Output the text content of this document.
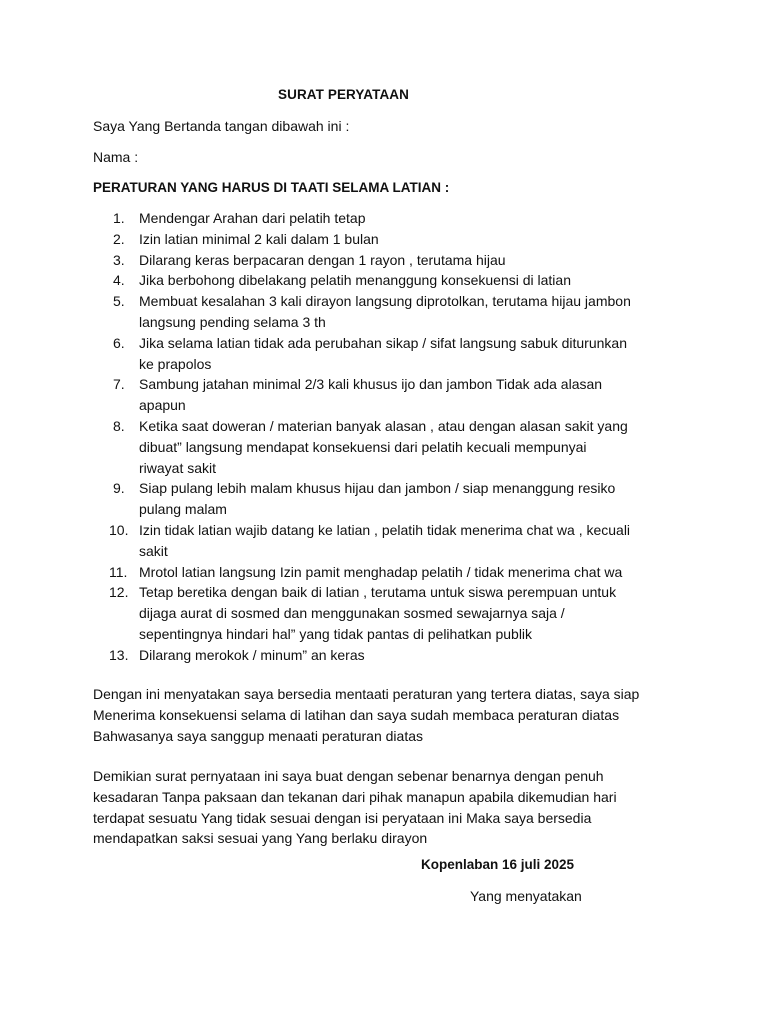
SURAT PERYATAAN
Saya Yang Bertanda tangan dibawah ini :
Nama :
PERATURAN YANG HARUS DI TAATI SELAMA LATIAN :
1. Mendengar Arahan dari pelatih tetap
2. Izin latian minimal 2 kali dalam 1 bulan
3. Dilarang keras berpacaran dengan 1 rayon , terutama hijau
4. Jika berbohong dibelakang pelatih menanggung konsekuensi di latian
5. Membuat kesalahan 3 kali dirayon langsung diprotolkan, terutama hijau jambon
langsung pending selama 3 th
6. Jika selama latian tidak ada perubahan sikap / sifat langsung sabuk diturunkan
ke prapolos
7. Sambung jatahan minimal 2/3 kali khusus ijo dan jambon Tidak ada alasan
apapun
8. Ketika saat doweran / materian banyak alasan , atau dengan alasan sakit yang
dibuat” langsung mendapat konsekuensi dari pelatih kecuali mempunyai
riwayat sakit
9. Siap pulang lebih malam khusus hijau dan jambon / siap menanggung resiko
pulang malam
10. Izin tidak latian wajib datang ke latian , pelatih tidak menerima chat wa , kecuali
sakit
11. Mrotol latian langsung Izin pamit menghadap pelatih / tidak menerima chat wa
12. Tetap beretika dengan baik di latian , terutama untuk siswa perempuan untuk
dijaga aurat di sosmed dan menggunakan sosmed sewajarnya saja /
sepentingnya hindari hal” yang tidak pantas di pelihatkan publik
13. Dilarang merokok / minum” an keras

Dengan ini menyatakan saya bersedia mentaati peraturan yang tertera diatas, saya siap
Menerima konsekuensi selama di latihan dan saya sudah membaca peraturan diatas
Bahwasanya saya sanggup menaati peraturan diatas

Demikian surat pernyataan ini saya buat dengan sebenar benarnya dengan penuh
kesadaran Tanpa paksaan dan tekanan dari pihak manapun apabila dikemudian hari
terdapat sesuatu Yang tidak sesuai dengan isi peryataan ini Maka saya bersedia
mendapatkan saksi sesuai yang Yang berlaku dirayon

Kopenlaban 16 juli 2025
Yang menyatakan
